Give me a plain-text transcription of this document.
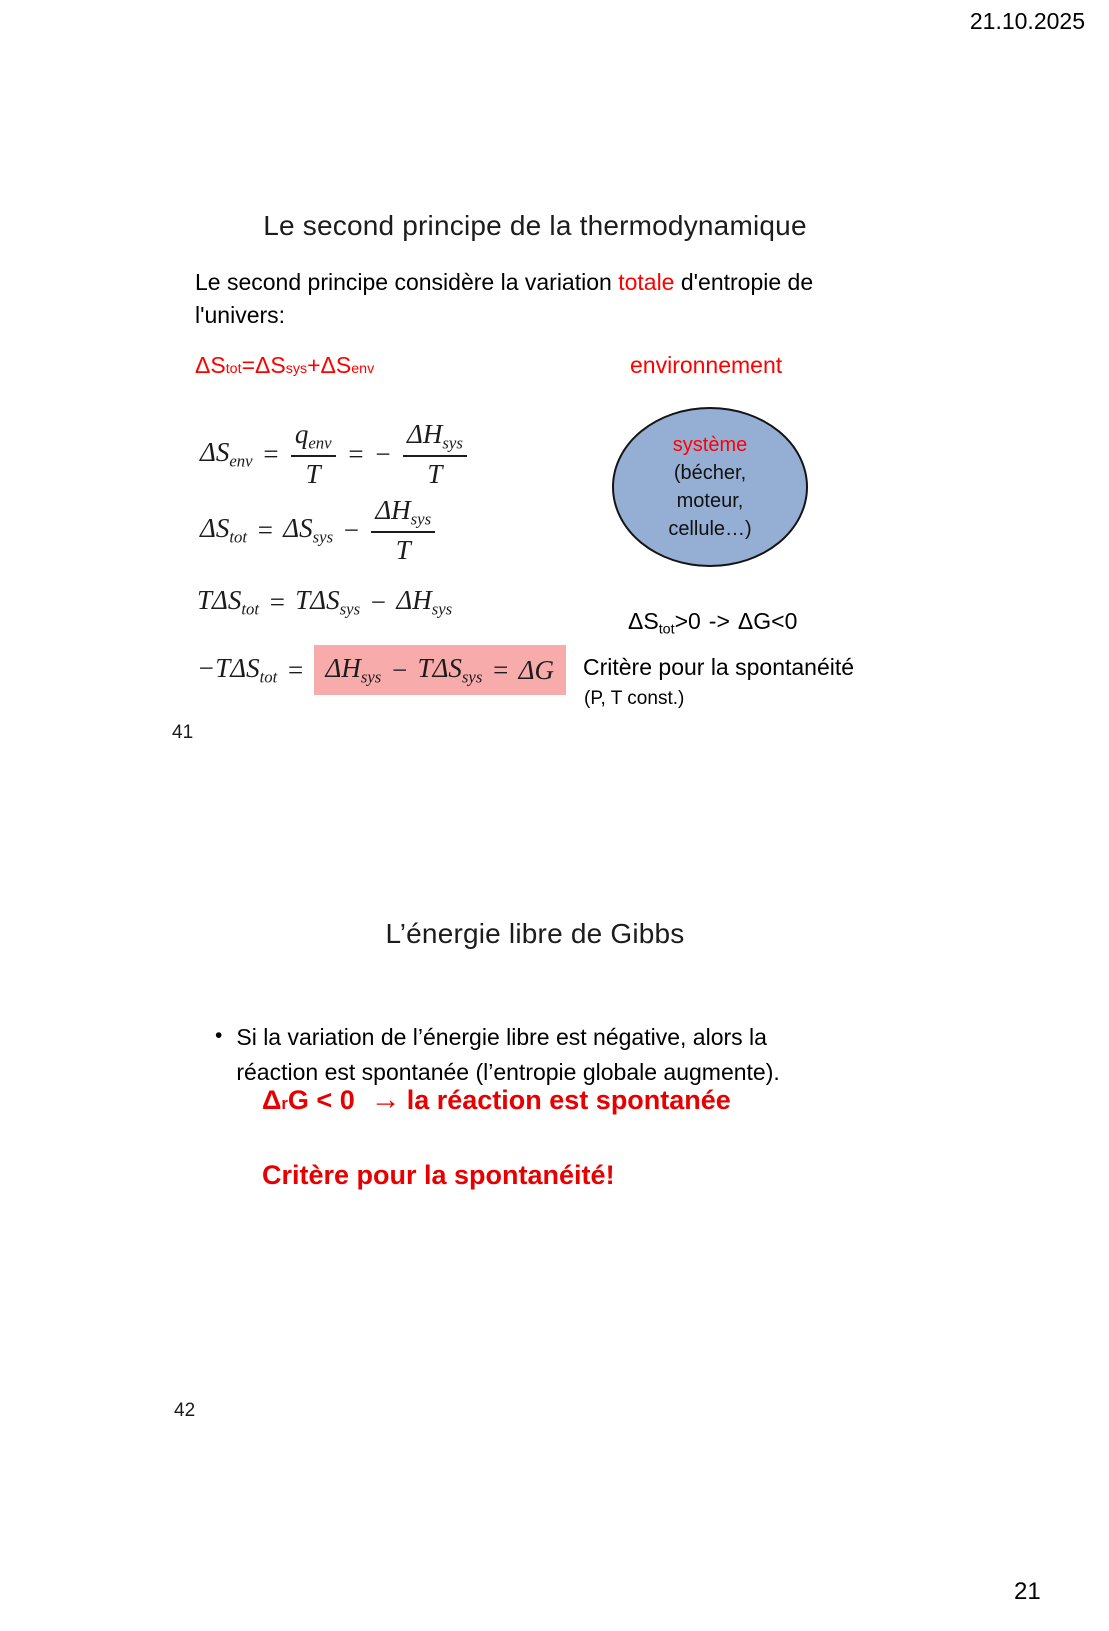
21.10.2025
21
Le second principe de la thermodynamique
Le second principe considère la variation totale d'entropie de l'univers:
ΔS tot = ΔS sys + ΔS env	environnement
système
(bécher,
moteur,
cellule…)
$\Delta S_{env} = \frac{q_{env}}{T}$ = − $\frac{\Delta H_{sys}}{T}$
$\Delta S_{tot} = \Delta S_{sys} - \frac{\Delta H_{sys}}{T}$
$T\Delta S_{tot} = T\Delta S_{sys} - \Delta H_{sys}$
$-T\Delta S_{tot} = \Delta H_{sys} - T\Delta S_{sys} = \Delta G$
$\Delta S_{tot}>0 -> \Delta G<0$
Critère pour la spontanéité
(P, T const.)
41
L’énergie libre de Gibbs
• Si la variation de l’énergie libre est négative, alors la réaction est spontanée (l’entropie globale augmente).
Δ r G < 0 → la réaction est spontanée
Critère pour la spontanéité!
42
